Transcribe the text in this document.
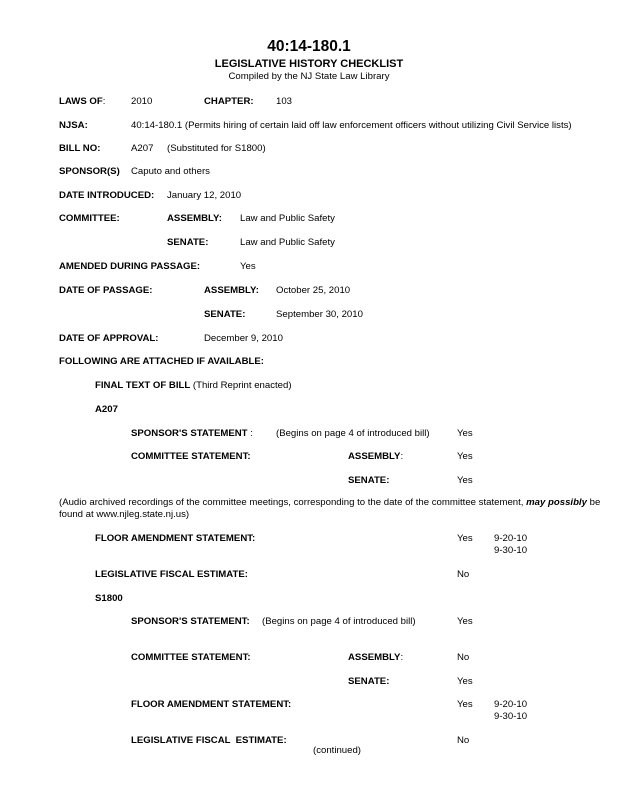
40:14-180.1
LEGISLATIVE HISTORY CHECKLIST
Compiled by the NJ State Law Library
LAWS OF:	2010	CHAPTER: 103
NJSA:	40:14-180.1 (Permits hiring of certain laid off law enforcement officers without utilizing Civil Service lists)
BILL NO:	A207 (Substituted for S1800)
SPONSOR(S) Caputo and others
DATE INTRODUCED: January 12, 2010
COMMITTEE:	ASSEMBLY: Law and Public Safety
SENATE:	Law and Public Safety
AMENDED DURING PASSAGE:	Yes
DATE OF PASSAGE:	ASSEMBLY: October 25, 2010
SENATE:	September 30, 2010
DATE OF APPROVAL:	December 9, 2010
FOLLOWING ARE ATTACHED IF AVAILABLE:
FINAL TEXT OF BILL (Third Reprint enacted)
A207
SPONSOR'S STATEMENT : (Begins on page 4 of introduced bill)	Yes
COMMITTEE STATEMENT:	ASSEMBLY:	Yes
SENATE:	Yes
(Audio archived recordings of the committee meetings, corresponding to the date of the committee statement, may possibly be found at www.njleg.state.nj.us)
FLOOR AMENDMENT STATEMENT:	Yes 9-20-10
9-30-10
LEGISLATIVE FISCAL ESTIMATE:	No
S1800
SPONSOR'S STATEMENT: (Begins on page 4 of introduced bill)	Yes
COMMITTEE STATEMENT:	ASSEMBLY:	No
SENATE:	Yes
FLOOR AMENDMENT STATEMENT:	Yes 9-20-10
9-30-10
LEGISLATIVE FISCAL  ESTIMATE:	No
(continued)
